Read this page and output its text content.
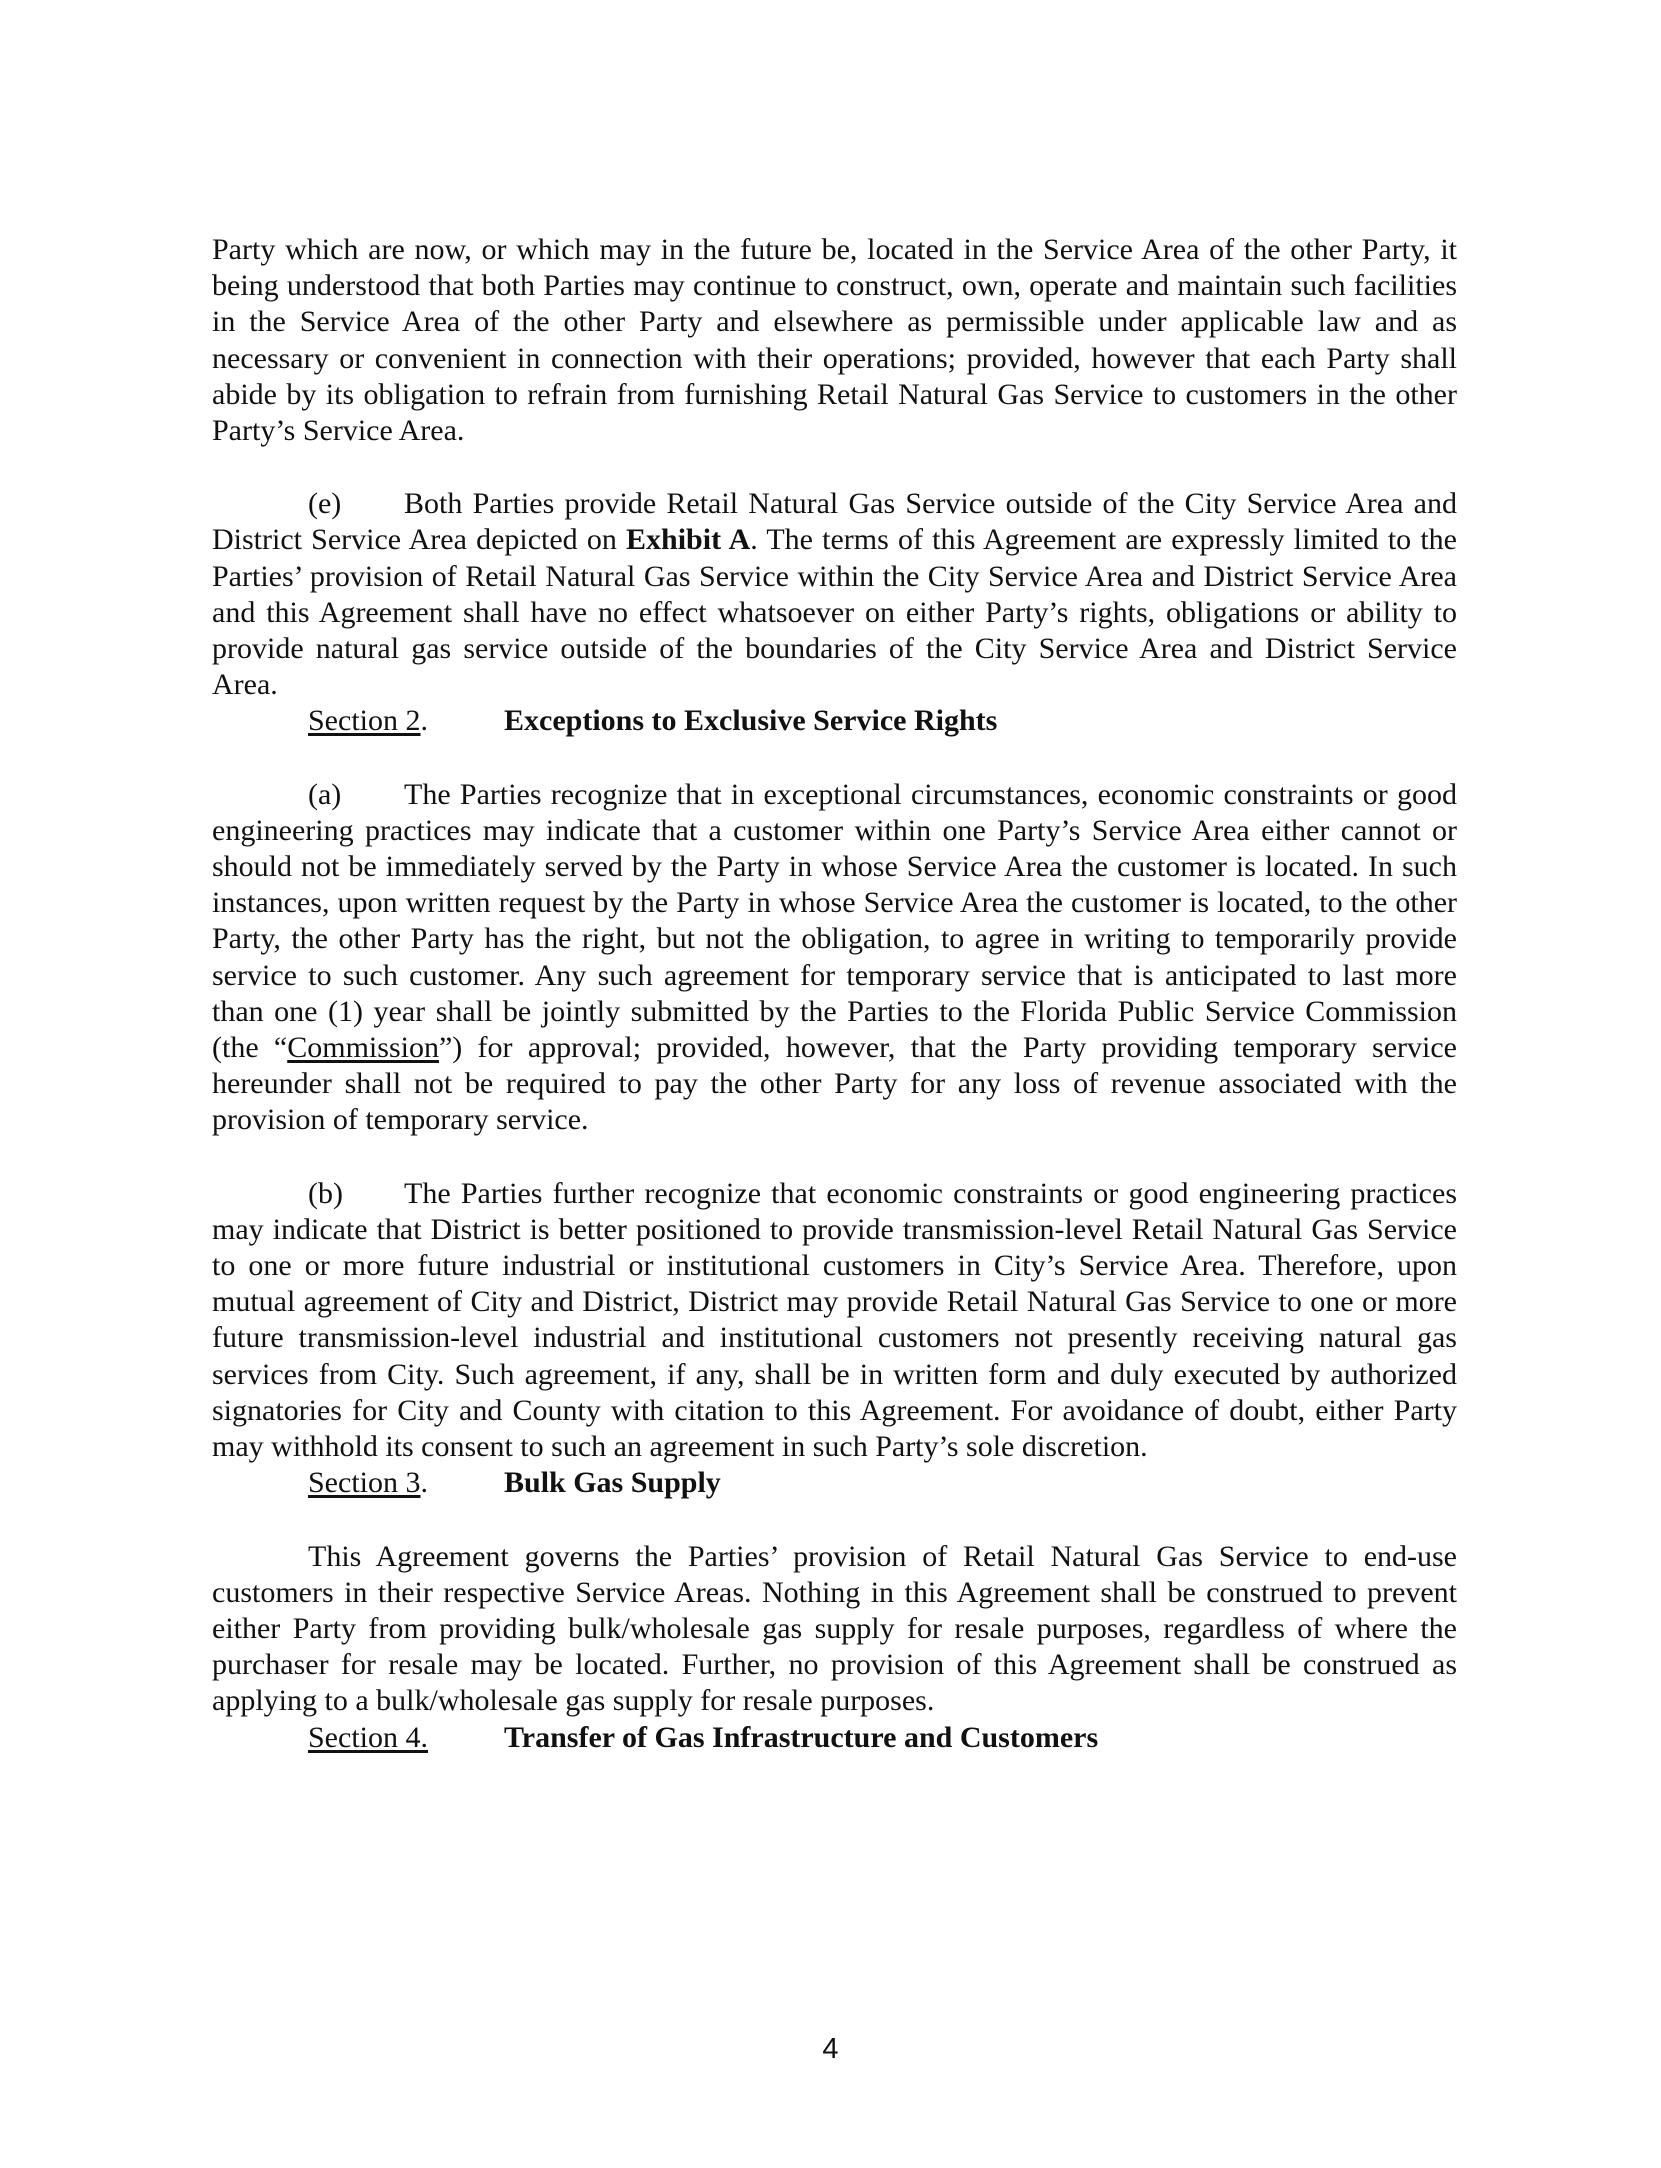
Party which are now, or which may in the future be, located in the Service Area of the other Party, it being understood that both Parties may continue to construct, own, operate and maintain such facilities in the Service Area of the other Party and elsewhere as permissible under applicable law and as necessary or convenient in connection with their operations; provided, however that each Party shall abide by its obligation to refrain from furnishing Retail Natural Gas Service to customers in the other Party’s Service Area.

(e) Both Parties provide Retail Natural Gas Service outside of the City Service Area and District Service Area depicted on Exhibit A. The terms of this Agreement are expressly limited to the Parties’ provision of Retail Natural Gas Service within the City Service Area and District Service Area and this Agreement shall have no effect whatsoever on either Party’s rights, obligations or ability to provide natural gas service outside of the boundaries of the City Service Area and District Service Area.

Section 2.	Exceptions to Exclusive Service Rights

(a) The Parties recognize that in exceptional circumstances, economic constraints or good engineering practices may indicate that a customer within one Party’s Service Area either cannot or should not be immediately served by the Party in whose Service Area the customer is located. In such instances, upon written request by the Party in whose Service Area the customer is located, to the other Party, the other Party has the right, but not the obligation, to agree in writing to temporarily provide service to such customer. Any such agreement for temporary service that is anticipated to last more than one (1) year shall be jointly submitted by the Parties to the Florida Public Service Commission (the “Commission”) for approval; provided, however, that the Party providing temporary service hereunder shall not be required to pay the other Party for any loss of revenue associated with the provision of temporary service.

(b) The Parties further recognize that economic constraints or good engineering practices may indicate that District is better positioned to provide transmission-level Retail Natural Gas Service to one or more future industrial or institutional customers in City’s Service Area. Therefore, upon mutual agreement of City and District, District may provide Retail Natural Gas Service to one or more future transmission-level industrial and institutional customers not presently receiving natural gas services from City. Such agreement, if any, shall be in written form and duly executed by authorized signatories for City and County with citation to this Agreement. For avoidance of doubt, either Party may withhold its consent to such an agreement in such Party’s sole discretion.

Section 3.	Bulk Gas Supply

This Agreement governs the Parties’ provision of Retail Natural Gas Service to end-use customers in their respective Service Areas. Nothing in this Agreement shall be construed to prevent either Party from providing bulk/wholesale gas supply for resale purposes, regardless of where the purchaser for resale may be located. Further, no provision of this Agreement shall be construed as applying to a bulk/wholesale gas supply for resale purposes.

Section 4.	Transfer of Gas Infrastructure and Customers

4
